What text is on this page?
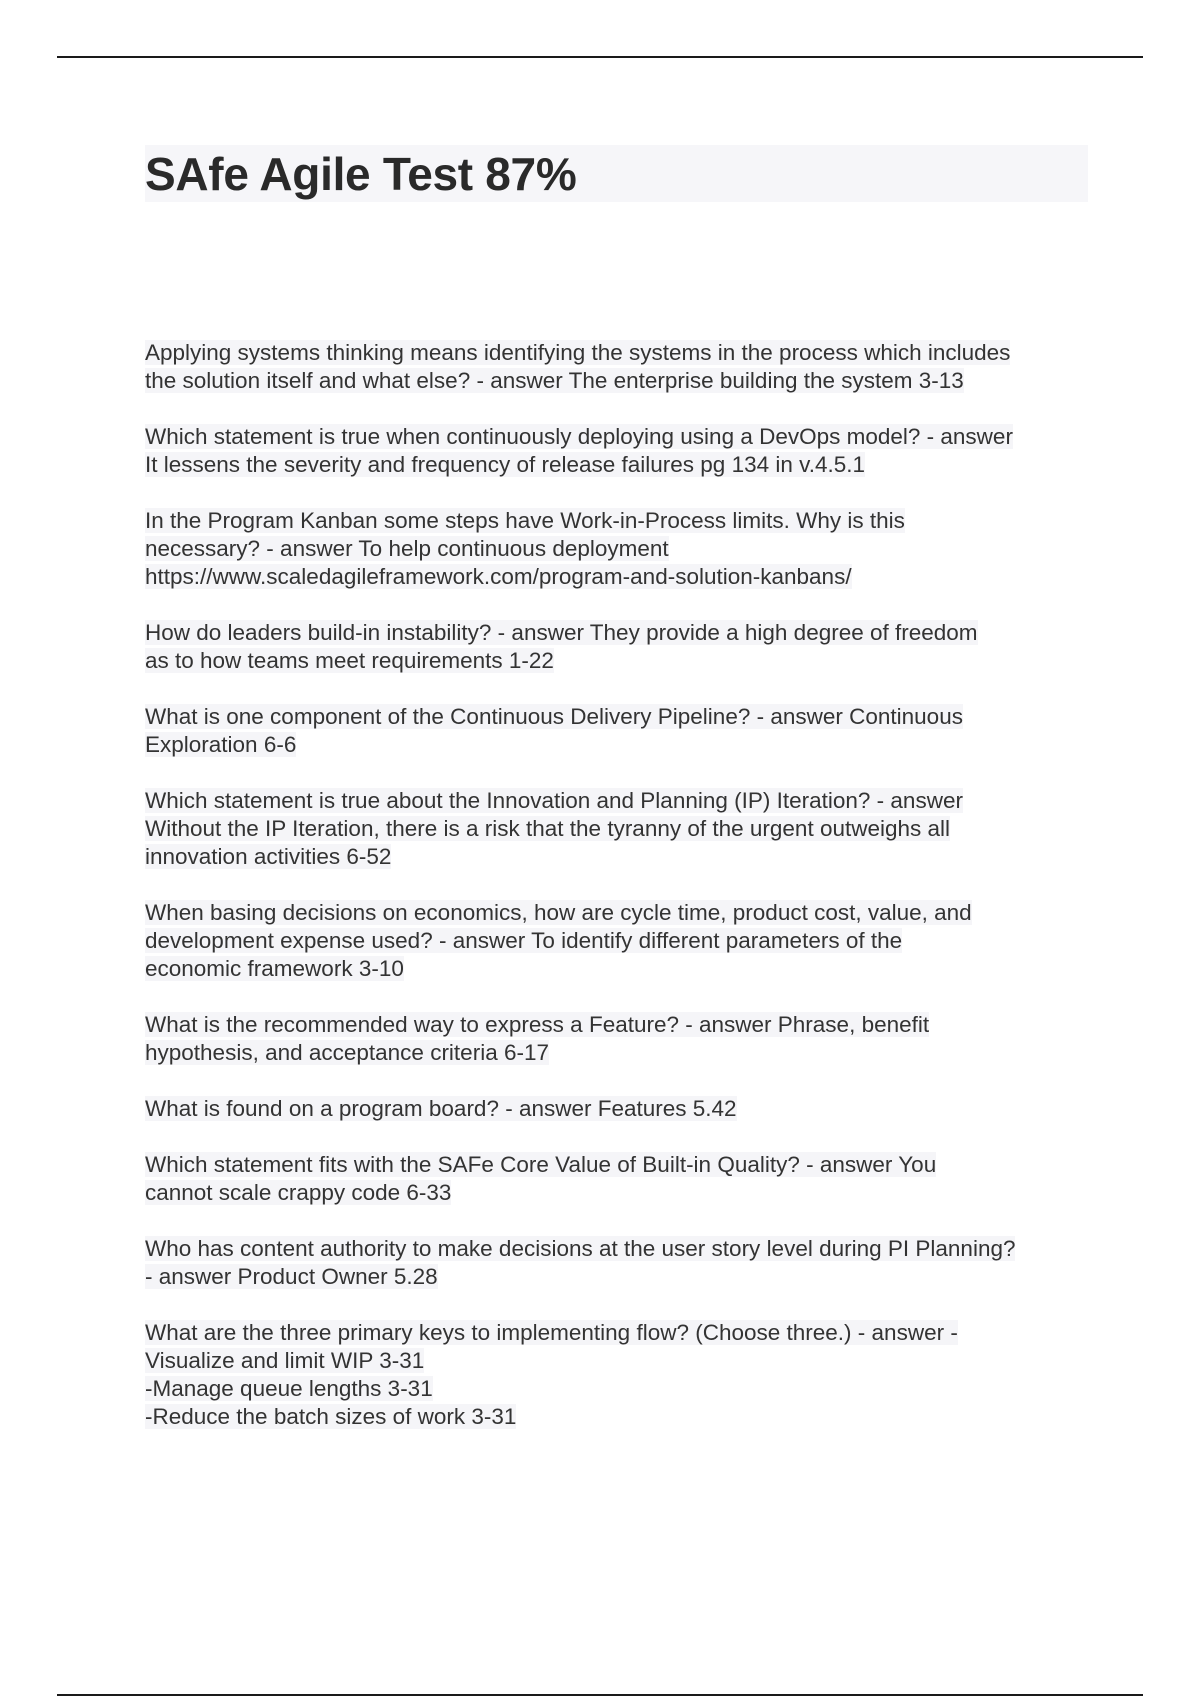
SAfe Agile Test 87%
Applying systems thinking means identifying the systems in the process which includes
the solution itself and what else? - answer The enterprise building the system 3-13
Which statement is true when continuously deploying using a DevOps model? - answer
It lessens the severity and frequency of release failures pg 134 in v.4.5.1
In the Program Kanban some steps have Work-in-Process limits. Why is this
necessary? - answer To help continuous deployment
https://www.scaledagileframework.com/program-and-solution-kanbans/
How do leaders build-in instability? - answer They provide a high degree of freedom
as to how teams meet requirements 1-22
What is one component of the Continuous Delivery Pipeline? - answer Continuous
Exploration 6-6
Which statement is true about the Innovation and Planning (IP) Iteration? - answer
Without the IP Iteration, there is a risk that the tyranny of the urgent outweighs all
innovation activities 6-52
When basing decisions on economics, how are cycle time, product cost, value, and
development expense used? - answer To identify different parameters of the
economic framework 3-10
What is the recommended way to express a Feature? - answer Phrase, benefit
hypothesis, and acceptance criteria 6-17
What is found on a program board? - answer Features 5.42
Which statement fits with the SAFe Core Value of Built-in Quality? - answer You
cannot scale crappy code 6-33
Who has content authority to make decisions at the user story level during PI Planning?
- answer Product Owner 5.28
What are the three primary keys to implementing flow? (Choose three.) - answer -
Visualize and limit WIP 3-31
-Manage queue lengths 3-31
-Reduce the batch sizes of work 3-31
